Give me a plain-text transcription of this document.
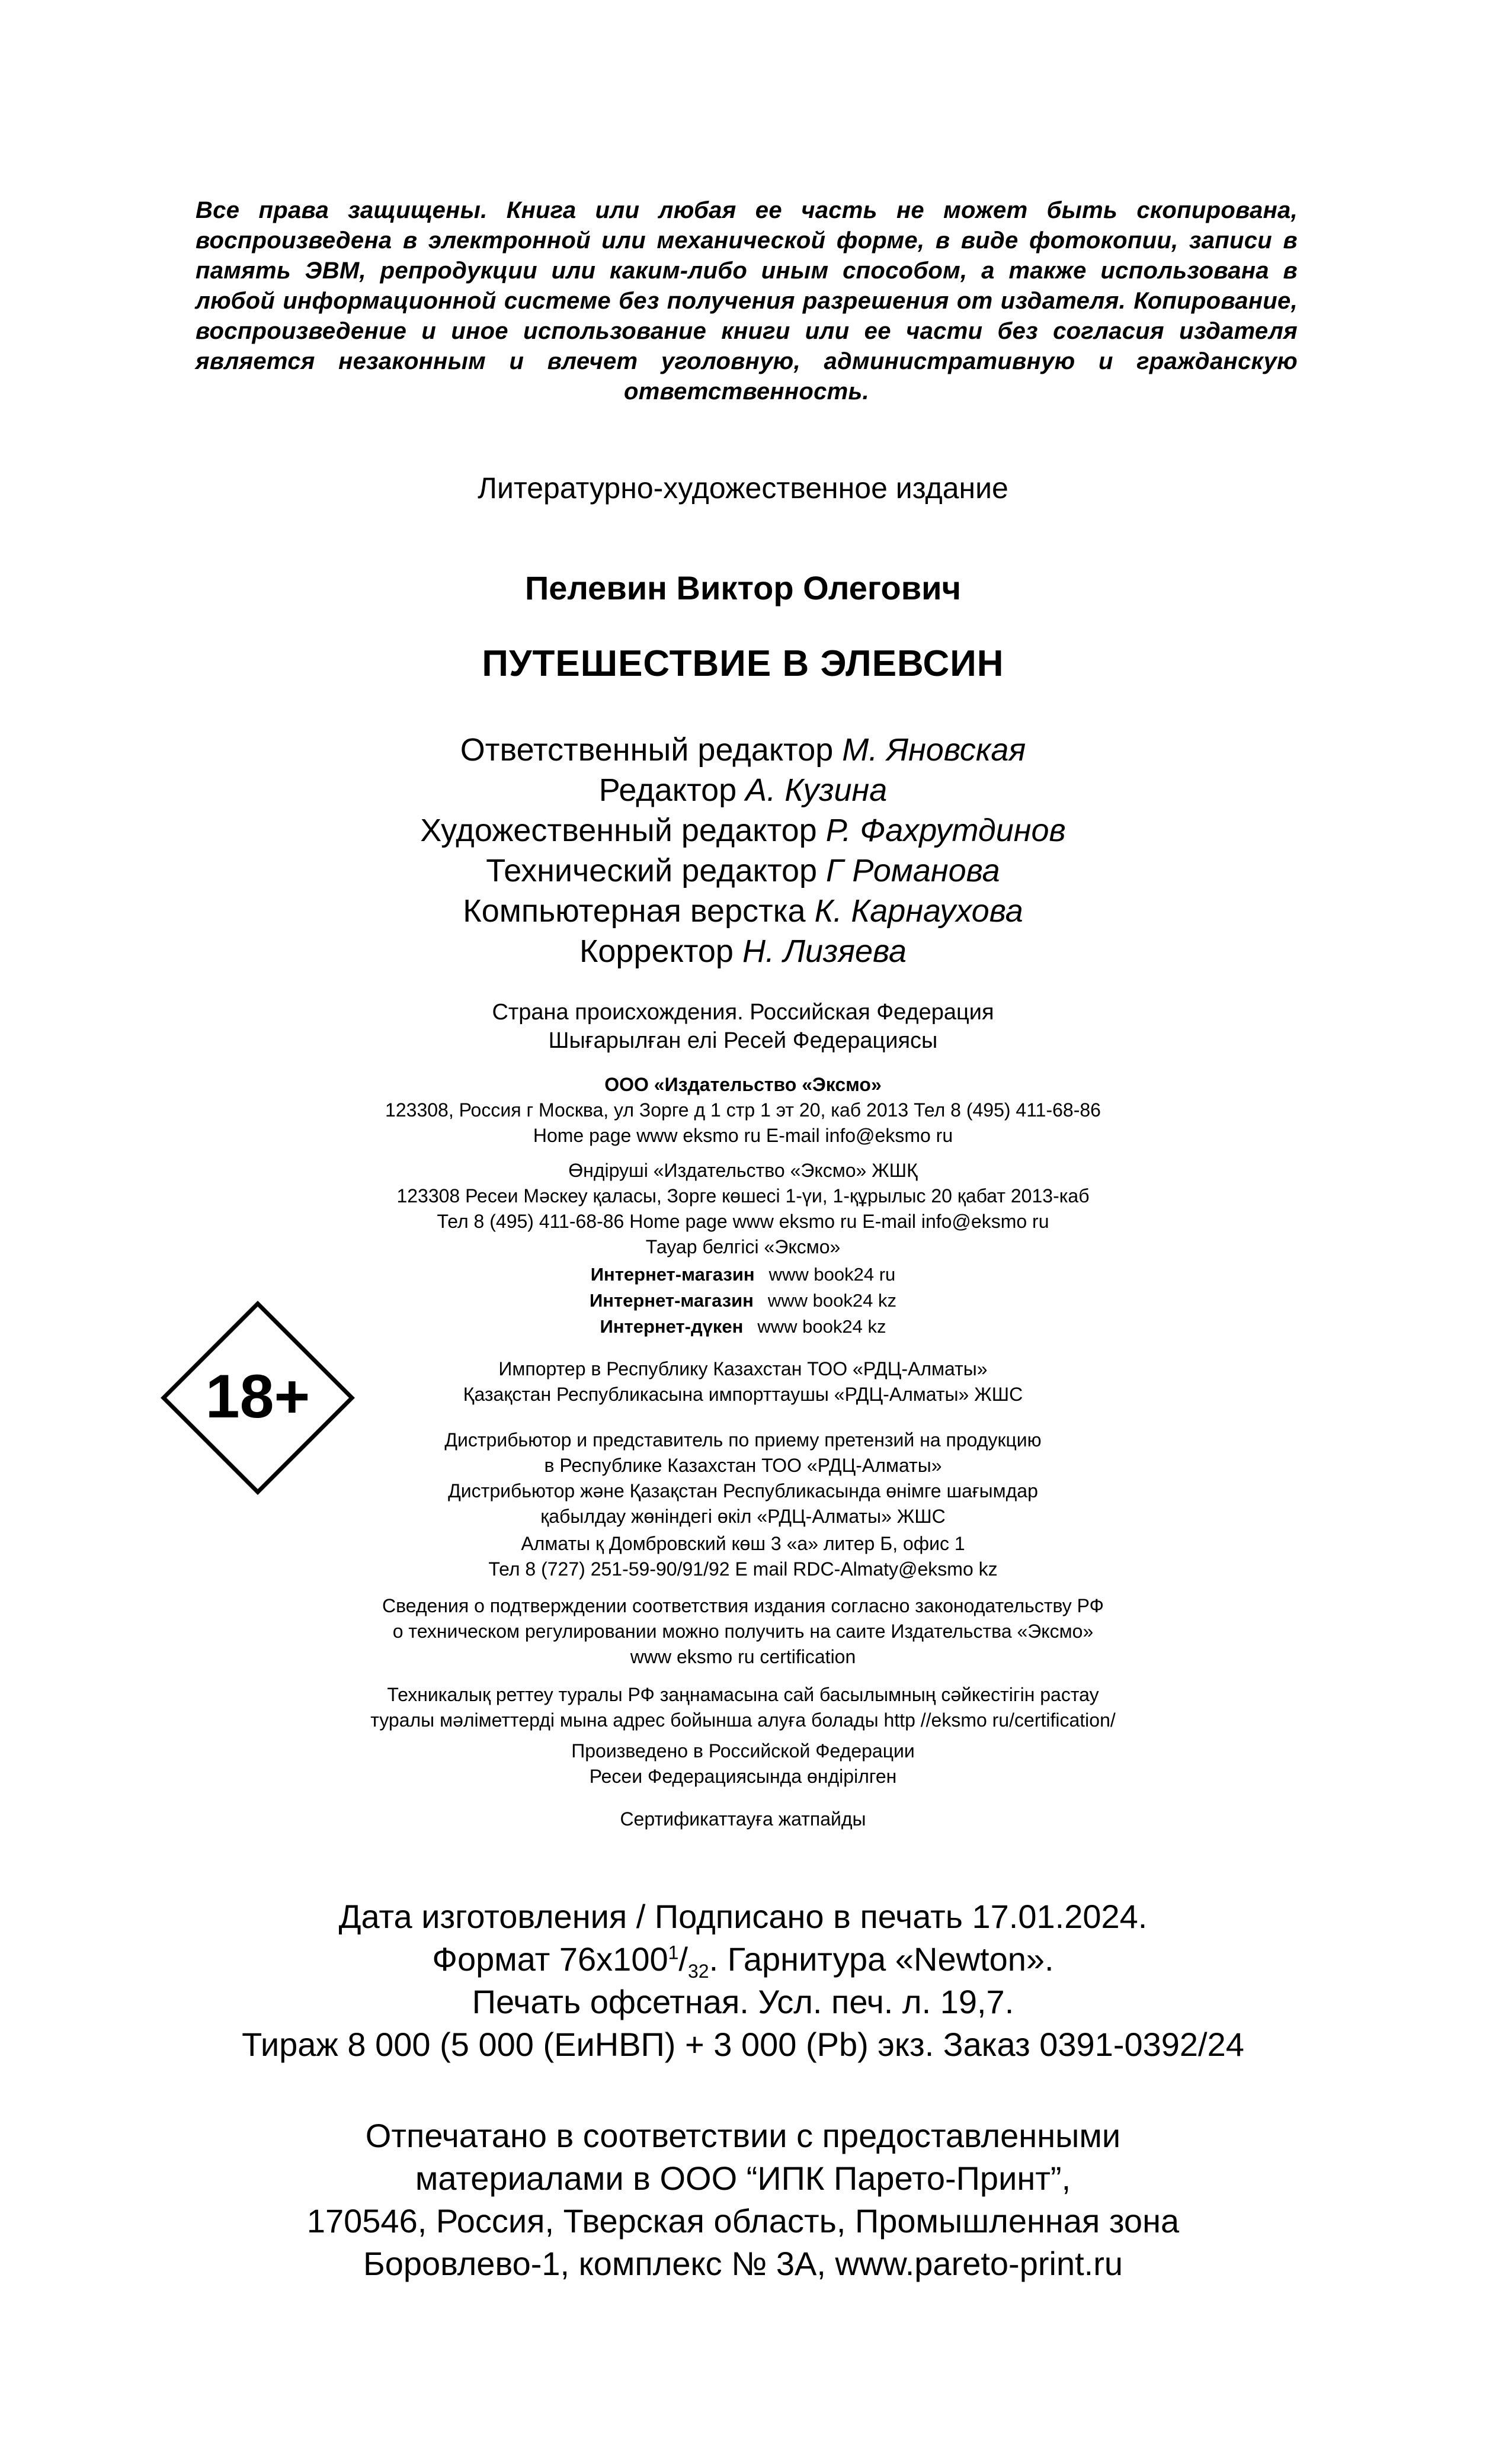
Все права защищены. Книга или любая ее часть не может быть скопирована, воспроизведена в электронной или механической форме, в виде фотокопии, записи в память ЭВМ, репродукции или каким-либо иным способом, а также использована в любой информационной системе без получения разрешения от издателя. Копирование, воспроизведение и иное использование книги или ее части без согласия издателя является незаконным и влечет уголовную, административную и гражданскую ответственность.
Литературно-художественное издание
Пелевин Виктор Олегович
ПУТЕШЕСТВИЕ В ЭЛЕВСИН
Ответственный редактор М. Яновская
Редактор А. Кузина
Художественный редактор Р. Фахрутдинов
Технический редактор Г Романова
Компьютерная верстка К. Карнаухова
Корректор Н. Лизяева
Страна происхождения. Российская Федерация
Шығарылған елі Ресей Федерациясы
ООО «Издательство «Эксмо»
123308, Россия г Москва, ул Зорге д 1 стр 1 эт 20, каб 2013 Тел 8 (495) 411-68-86
Home page www eksmo ru E-mail info@eksmo ru
Өндіруші «Издательство «Эксмо» ЖШҚ
123308 Ресеи Мәскеу қаласы, Зорге көшесі 1-үи, 1-құрылыс 20 қабат 2013-каб
Тел 8 (495) 411-68-86 Home page www eksmo ru E-mail info@eksmo ru
Тауар белгісі «Эксмо»
Интернет-магазин www book24 ru
Интернет-магазин www book24 kz
Интернет-дүкен www book24 kz
18+	Импортер в Республику Казахстан ТОО «РДЦ-Алматы»
Қазақстан Республикасына импорттаушы «РДЦ-Алматы» ЖШС
Дистрибьютор и представитель по приему претензий на продукцию
в Республике Казахстан ТОО «РДЦ-Алматы»
Дистрибьютор және Қазақстан Республикасында өнімге шағымдар
қабылдау жөніндегі өкіл «РДЦ-Алматы» ЖШС
Алматы қ Домбровский көш 3 «а» литер Б, офис 1
Тел 8 (727) 251-59-90/91/92 E mail RDC-Almaty@eksmo kz
Сведения о подтверждении соответствия издания согласно законодательству РФ
о техническом регулировании можно получить на саите Издательства «Эксмо»
www eksmo ru certification
Техникалық реттеу туралы РФ заңнамасына сай басылымның сәйкестігін растау
туралы мәліметтерді мына адрес бойынша алуға болады http //eksmo ru/certification/
Произведено в Российской Федерации
Ресеи Федерациясында өндірілген
Сертификаттауға жатпайды
Дата изготовления / Подписано в печать 17.01.2024.
Формат $76х100^1/_{32}$. Гарнитура «Newton».
Печать офсетная. Усл. печ. л. 19,7.
Тираж 8 000 (5 000 (ЕиНВП) + 3 000 (Pb) экз. Заказ 0391-0392/24
Отпечатано в соответствии с предоставленными
материалами в ООО “ИПК Парето-Принт”,
170546, Россия, Тверская область, Промышленная зона
Боровлево-1, комплекс № 3А, www.pareto-print.ru
